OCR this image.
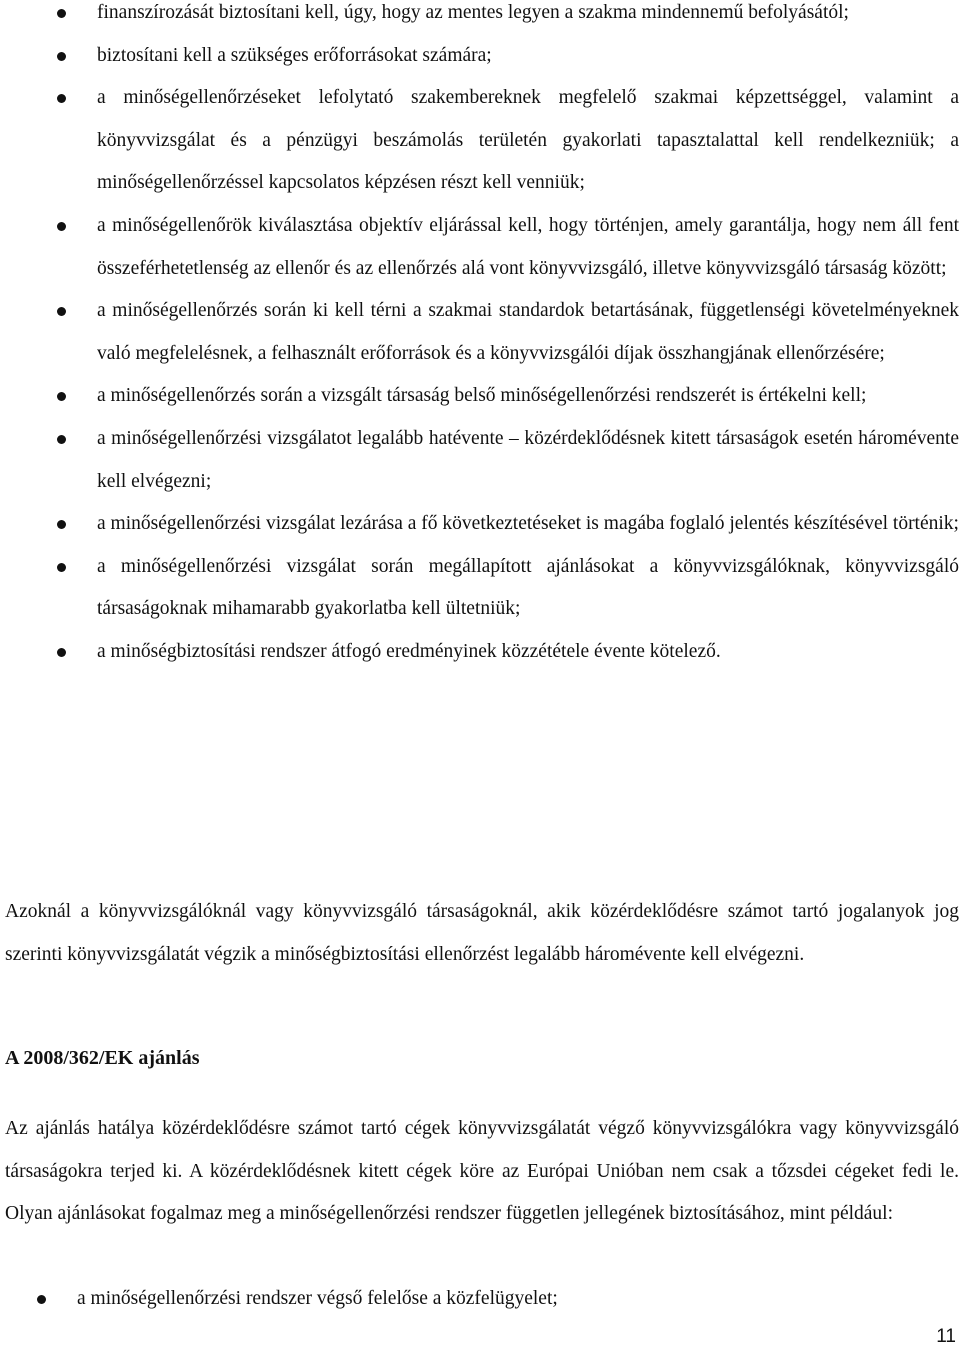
finanszírozását biztosítani kell, úgy, hogy az mentes legyen a szakma mindennemű befolyásától;
biztosítani kell a szükséges erőforrásokat számára;
a minőségellenőrzéseket lefolytató szakembereknek megfelelő szakmai képzettséggel, valamint a könyvvizsgálat és a pénzügyi beszámolás területén gyakorlati tapasztalattal kell rendelkezniük; a minőségellenőrzéssel kapcsolatos képzésen részt kell venniük;
a minőségellenőrök kiválasztása objektív eljárással kell, hogy történjen, amely garantálja, hogy nem áll fent összeférhetetlenség az ellenőr és az ellenőrzés alá vont könyvvizsgáló, illetve könyvvizsgáló társaság között;
a minőségellenőrzés során ki kell térni a szakmai standardok betartásának, függetlenségi követelményeknek való megfelelésnek, a felhasznált erőforrások és a könyvvizsgálói díjak összhangjának ellenőrzésére;
a minőségellenőrzés során a vizsgált társaság belső minőségellenőrzési rendszerét is értékelni kell;
a minőségellenőrzési vizsgálatot legalább hatévente – közérdeklődésnek kitett társaságok esetén háromévente kell elvégezni;
a minőségellenőrzési vizsgálat lezárása a fő következtetéseket is magába foglaló jelentés készítésével történik;
a minőségellenőrzési vizsgálat során megállapított ajánlásokat a könyvvizsgálóknak, könyvvizsgáló társaságoknak mihamarabb gyakorlatba kell ültetniük;
a minőségbiztosítási rendszer átfogó eredményinek közzététele évente kötelező.

Azoknál a könyvvizsgálóknál vagy könyvvizsgáló társaságoknál, akik közérdeklődésre számot tartó jogalanyok jog szerinti könyvvizsgálatát végzik a minőségbiztosítási ellenőrzést legalább háromévente kell elvégezni.

A 2008/362/EK ajánlás

Az ajánlás hatálya közérdeklődésre számot tartó cégek könyvvizsgálatát végző könyvvizsgálókra vagy könyvvizsgáló társaságokra terjed ki. A közérdeklődésnek kitett cégek köre az Európai Unióban nem csak a tőzsdei cégeket fedi le. Olyan ajánlásokat fogalmaz meg a minőségellenőrzési rendszer független jellegének biztosításához, mint például:

a minőségellenőrzési rendszer végső felelőse a közfelügyelet;
11
